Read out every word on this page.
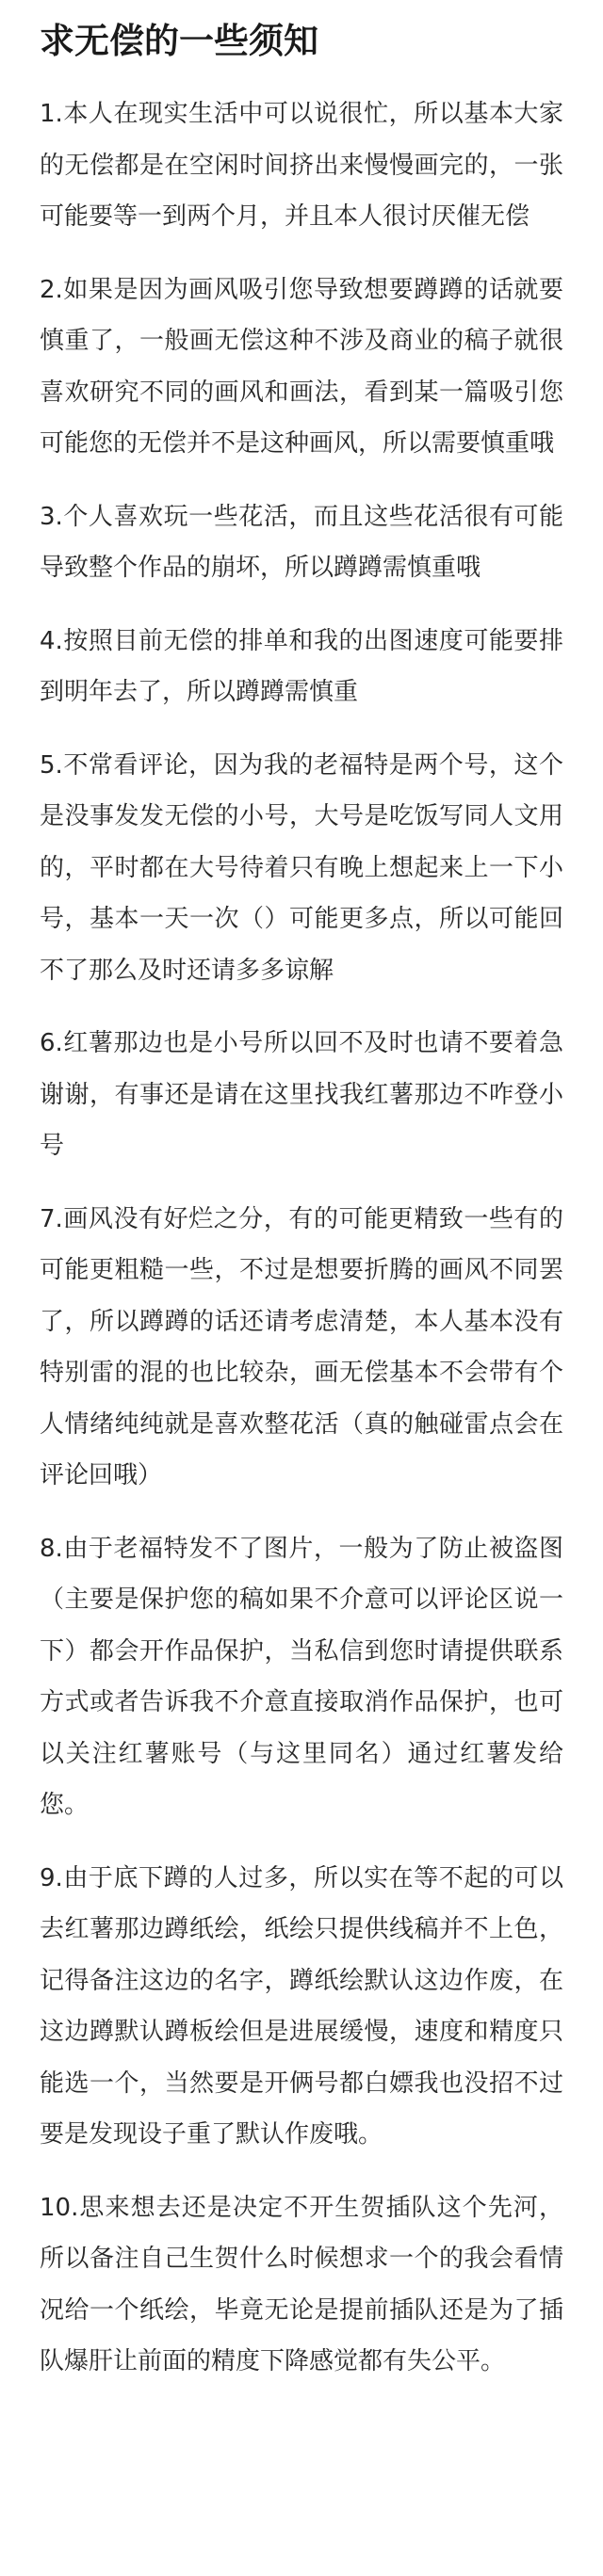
求无偿的一些须知

1.本人在现实生活中可以说很忙，所以基本大家的无偿都是在空闲时间挤出来慢慢画完的，一张可能要等一到两个月，并且本人很讨厌催无偿

2.如果是因为画风吸引您导致想要蹲蹲的话就要慎重了，一般画无偿这种不涉及商业的稿子就很喜欢研究不同的画风和画法，看到某一篇吸引您可能您的无偿并不是这种画风，所以需要慎重哦

3.个人喜欢玩一些花活，而且这些花活很有可能导致整个作品的崩坏，所以蹲蹲需慎重哦

4.按照目前无偿的排单和我的出图速度可能要排到明年去了，所以蹲蹲需慎重

5.不常看评论，因为我的老福特是两个号，这个是没事发发无偿的小号，大号是吃饭写同人文用的，平时都在大号待着只有晚上想起来上一下小号，基本一天一次（）可能更多点，所以可能回不了那么及时还请多多谅解

6.红薯那边也是小号所以回不及时也请不要着急谢谢，有事还是请在这里找我红薯那边不咋登小号

7.画风没有好烂之分，有的可能更精致一些有的可能更粗糙一些，不过是想要折腾的画风不同罢了，所以蹲蹲的话还请考虑清楚，本人基本没有特别雷的混的也比较杂，画无偿基本不会带有个人情绪纯纯就是喜欢整花活（真的触碰雷点会在评论回哦）

8.由于老福特发不了图片，一般为了防止被盗图（主要是保护您的稿如果不介意可以评论区说一下）都会开作品保护，当私信到您时请提供联系方式或者告诉我不介意直接取消作品保护，也可以关注红薯账号（与这里同名）通过红薯发给您。

9.由于底下蹲的人过多，所以实在等不起的可以去红薯那边蹲纸绘，纸绘只提供线稿并不上色，记得备注这边的名字，蹲纸绘默认这边作废，在这边蹲默认蹲板绘但是进展缓慢，速度和精度只能选一个，当然要是开俩号都白嫖我也没招不过要是发现设子重了默认作废哦。

10.思来想去还是决定不开生贺插队这个先河，所以备注自己生贺什么时候想求一个的我会看情况给一个纸绘，毕竟无论是提前插队还是为了插队爆肝让前面的精度下降感觉都有失公平。
